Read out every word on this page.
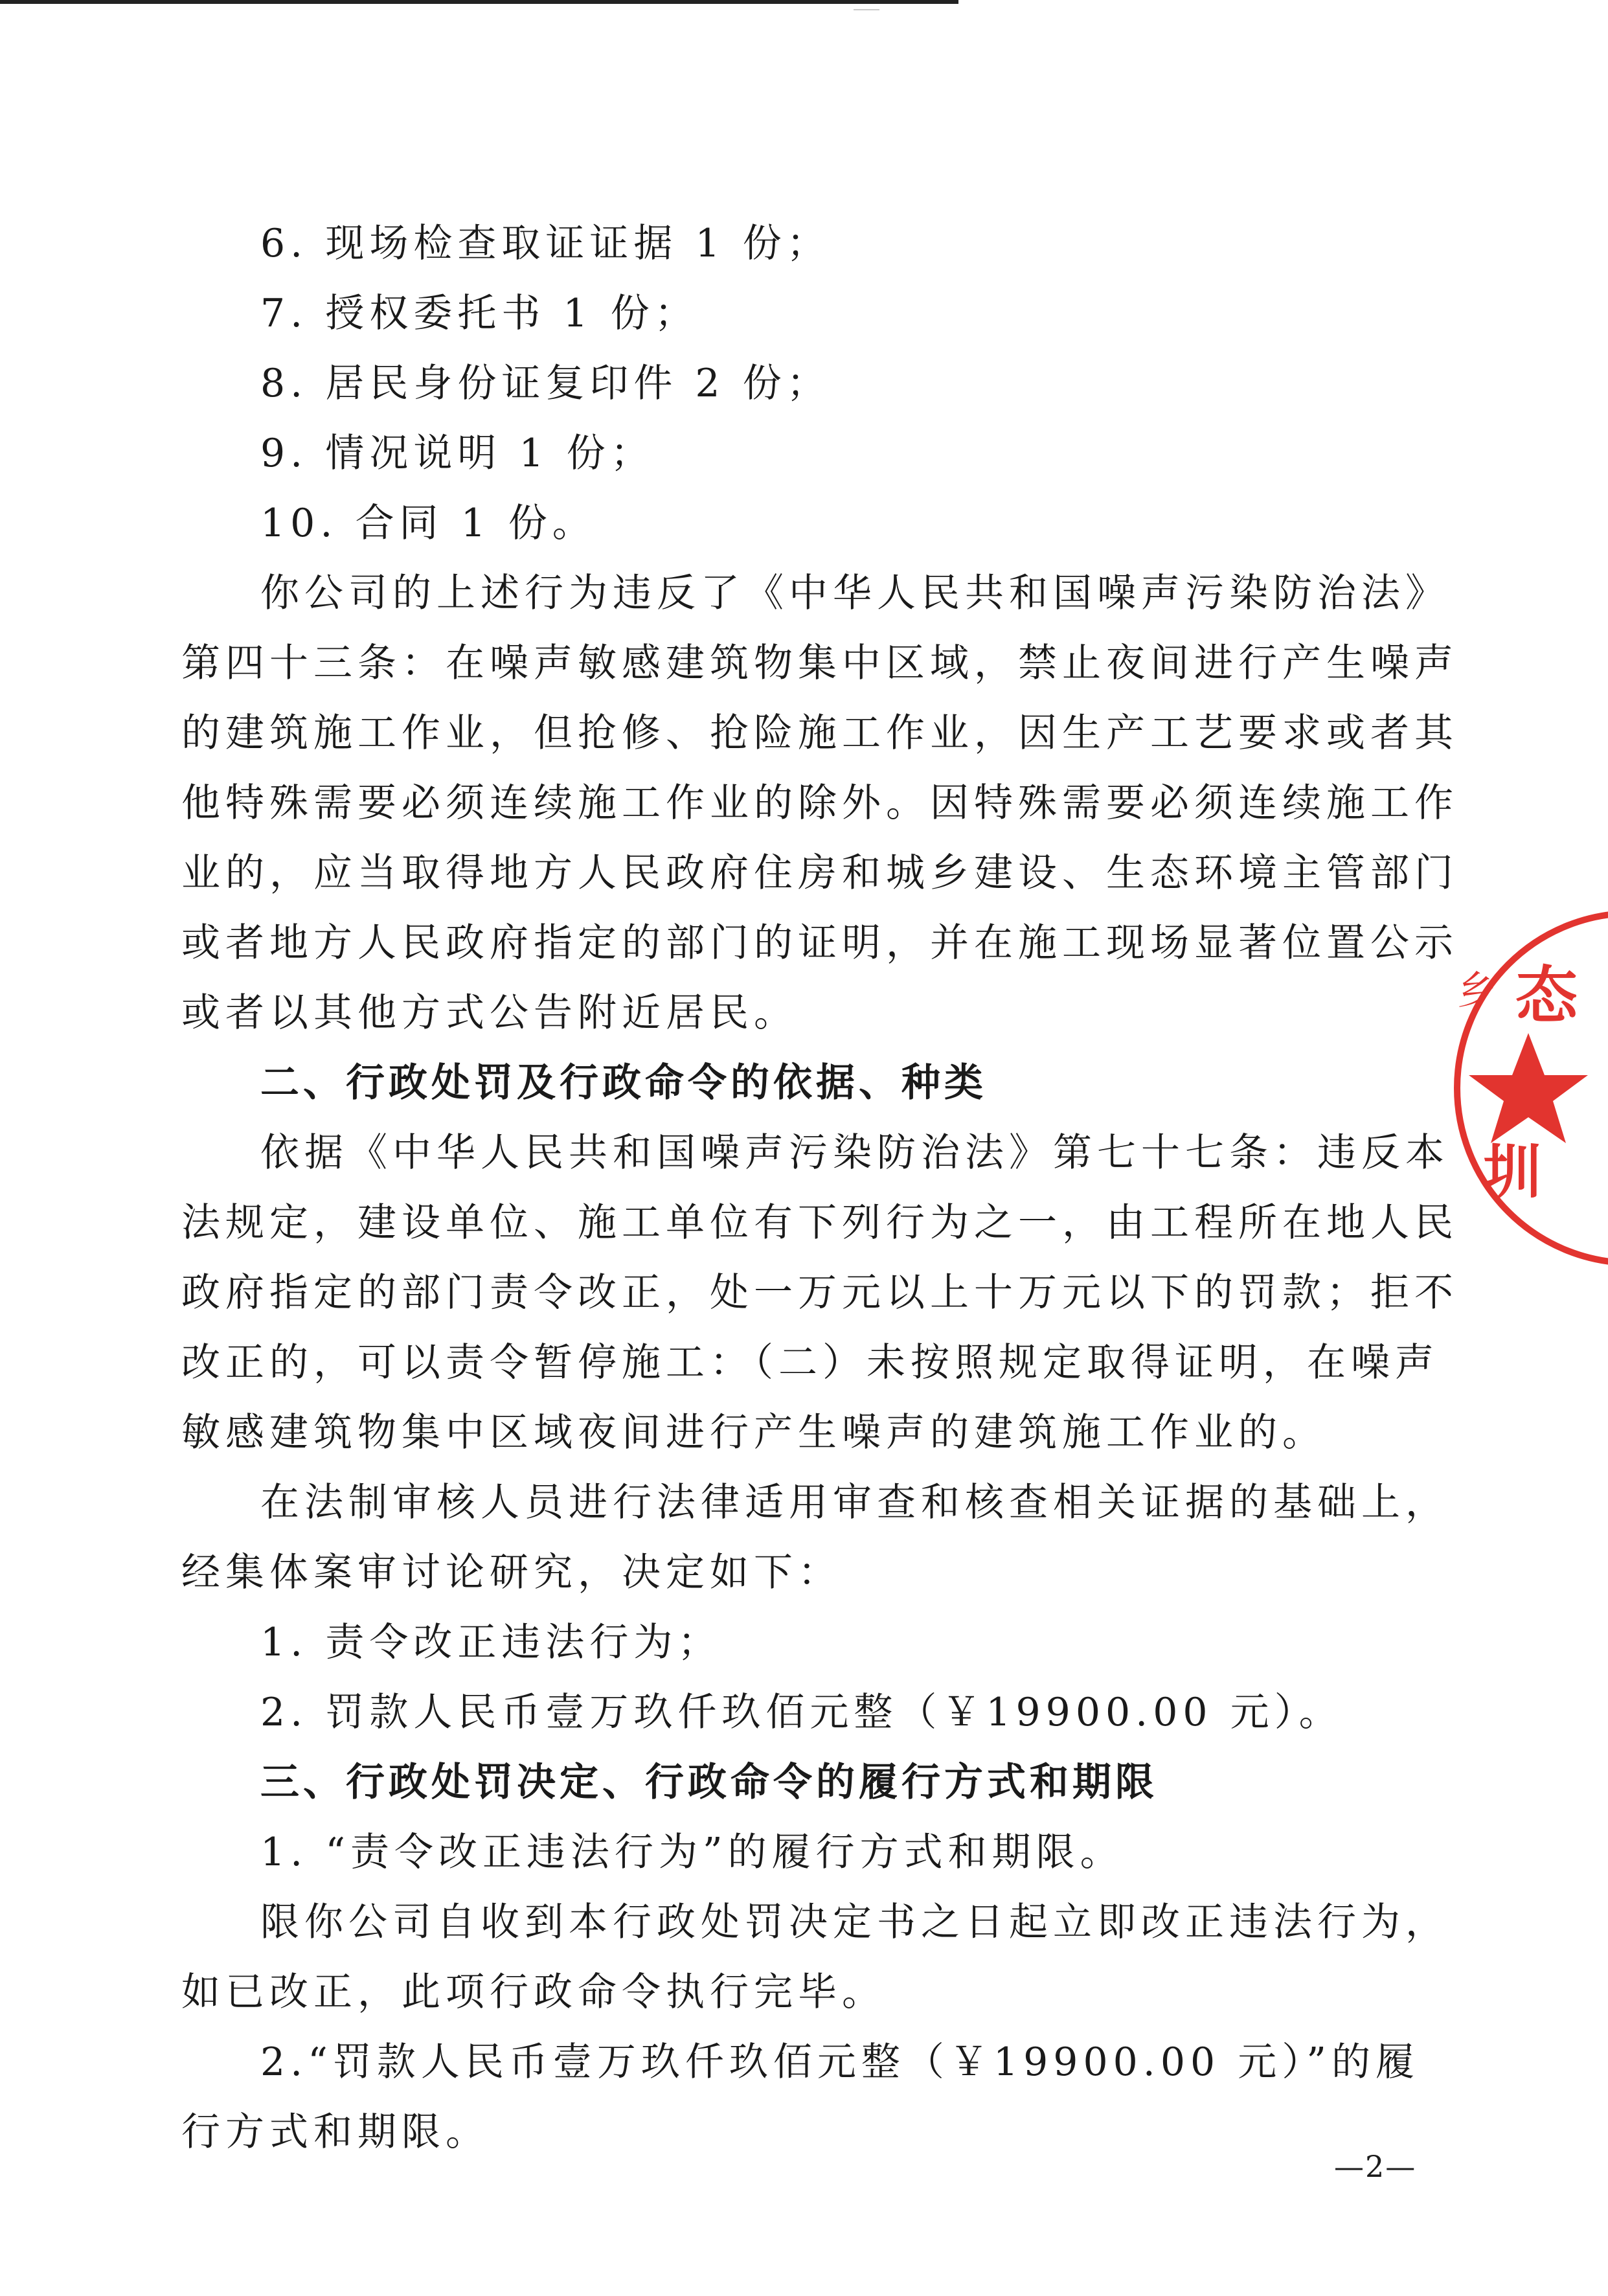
6. 现场检查取证证据 1 份；
7. 授权委托书 1 份；
8. 居民身份证复印件 2 份；
9. 情况说明 1 份；
10. 合同 1 份。
你公司的上述行为违反了《中华人民共和国噪声污染防治法》
第四十三条：在噪声敏感建筑物集中区域，禁止夜间进行产生噪声
的建筑施工作业，但抢修、抢险施工作业，因生产工艺要求或者其
他特殊需要必须连续施工作业的除外。因特殊需要必须连续施工作
业的，应当取得地方人民政府住房和城乡建设、生态环境主管部门
或者地方人民政府指定的部门的证明，并在施工现场显著位置公示
或者以其他方式公告附近居民。
二、行政处罚及行政命令的依据、种类
依据《中华人民共和国噪声污染防治法》第七十七条：违反本
法规定，建设单位、施工单位有下列行为之一，由工程所在地人民
政府指定的部门责令改正，处一万元以上十万元以下的罚款；拒不
改正的，可以责令暂停施工：（二）未按照规定取得证明，在噪声
敏感建筑物集中区域夜间进行产生噪声的建筑施工作业的。
在法制审核人员进行法律适用审查和核查相关证据的基础上，
经集体案审讨论研究，决定如下：
1. 责令改正违法行为；
2. 罚款人民币壹万玖仟玖佰元整（￥19900.00 元）。
三、行政处罚决定、行政命令的履行方式和期限
1. “责令改正违法行为”的履行方式和期限。
限你公司自收到本行政处罚决定书之日起立即改正违法行为，
如已改正，此项行政命令执行完毕。
2.“罚款人民币壹万玖仟玖佰元整（￥19900.00 元）”的履
行方式和期限。
态
乡
圳
—2—
